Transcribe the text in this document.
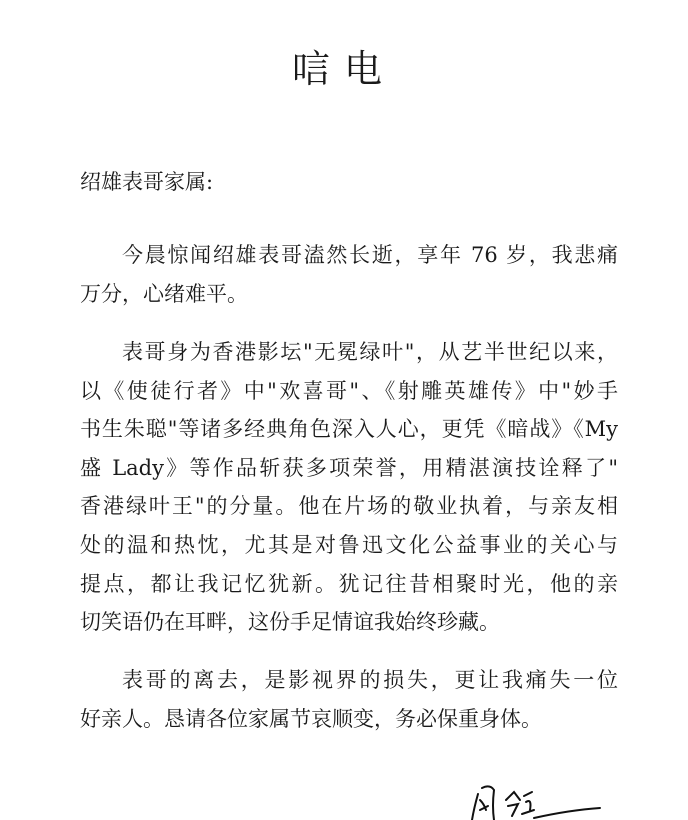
唁电
绍雄表哥家属:
今晨惊闻绍雄表哥溘然长逝，享年 76 岁，我悲痛
万分，心绪难平。
表哥身为香港影坛"无冕绿叶"，从艺半世纪以来，
以《使徒行者》中"欢喜哥"、《射雕英雄传》中"妙手
书生朱聪"等诸多经典角色深入人心，更凭《暗战》《My
盛 Lady》等作品斩获多项荣誉，用精湛演技诠释了"
香港绿叶王"的分量。他在片场的敬业执着，与亲友相
处的温和热忱，尤其是对鲁迅文化公益事业的关心与
提点，都让我记忆犹新。犹记往昔相聚时光，他的亲
切笑语仍在耳畔，这份手足情谊我始终珍藏。
表哥的离去，是影视界的损失，更让我痛失一位
好亲人。恳请各位家属节哀顺变，务必保重身体。
